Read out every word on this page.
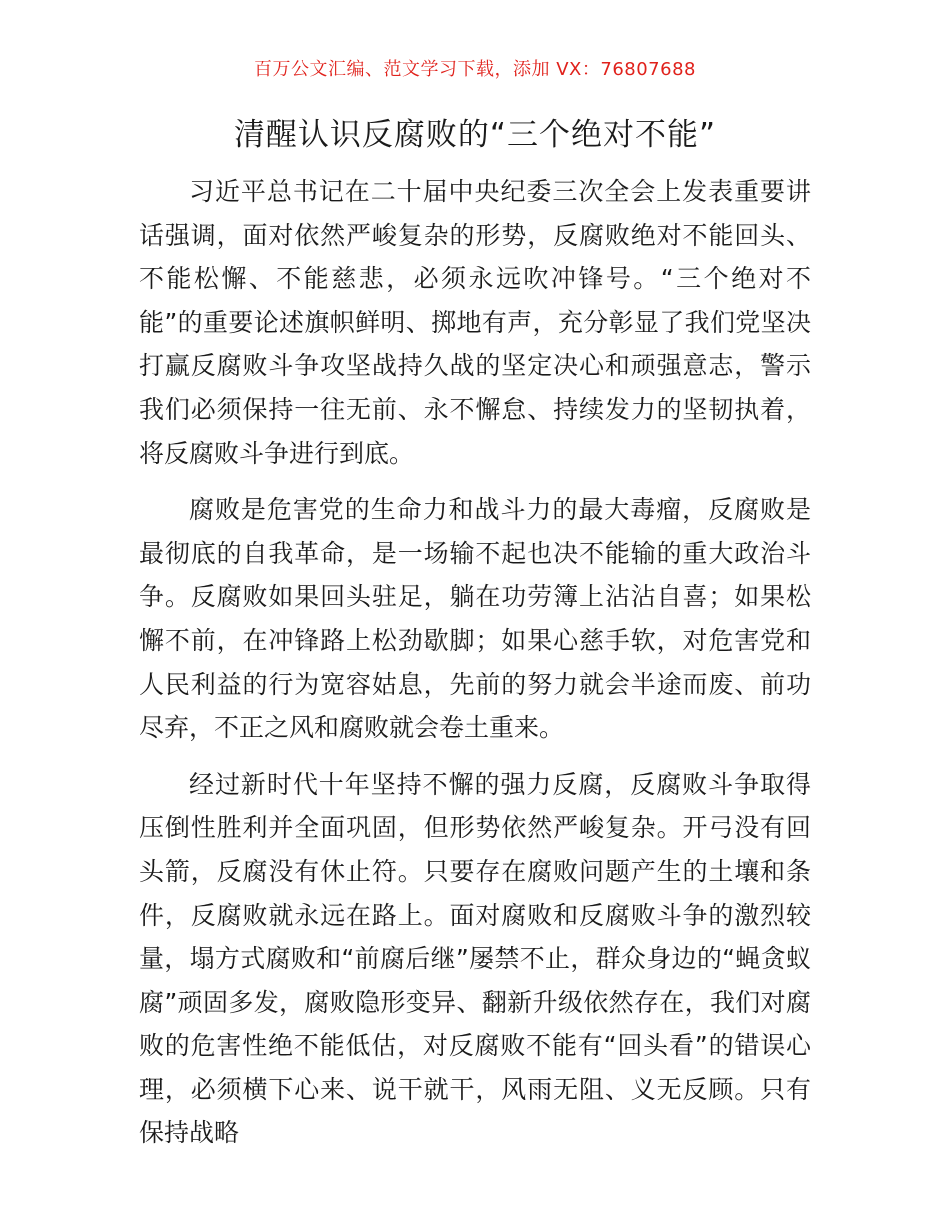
百万公文汇编、范文学习下载，添加 VX：76807688
清醒认识反腐败的“三个绝对不能”

习近平总书记在二十届中央纪委三次全会上发表重要讲话强调，面对依然严峻复杂的形势，反腐败绝对不能回头、不能松懈、不能慈悲，必须永远吹冲锋号。“三个绝对不能”的重要论述旗帜鲜明、掷地有声，充分彰显了我们党坚决打赢反腐败斗争攻坚战持久战的坚定决心和顽强意志，警示我们必须保持一往无前、永不懈怠、持续发力的坚韧执着，将反腐败斗争进行到底。

腐败是危害党的生命力和战斗力的最大毒瘤，反腐败是最彻底的自我革命，是一场输不起也决不能输的重大政治斗争。反腐败如果回头驻足，躺在功劳簿上沾沾自喜；如果松懈不前，在冲锋路上松劲歇脚；如果心慈手软，对危害党和人民利益的行为宽容姑息，先前的努力就会半途而废、前功尽弃，不正之风和腐败就会卷土重来。

经过新时代十年坚持不懈的强力反腐，反腐败斗争取得压倒性胜利并全面巩固，但形势依然严峻复杂。开弓没有回头箭，反腐没有休止符。只要存在腐败问题产生的土壤和条件，反腐败就永远在路上。面对腐败和反腐败斗争的激烈较量，塌方式腐败和“前腐后继”屡禁不止，群众身边的“蝇贪蚁腐”顽固多发，腐败隐形变异、翻新升级依然存在，我们对腐败的危害性绝不能低估，对反腐败不能有“回头看”的错误心理，必须横下心来、说干就干，风雨无阻、义无反顾。只有保持战略
